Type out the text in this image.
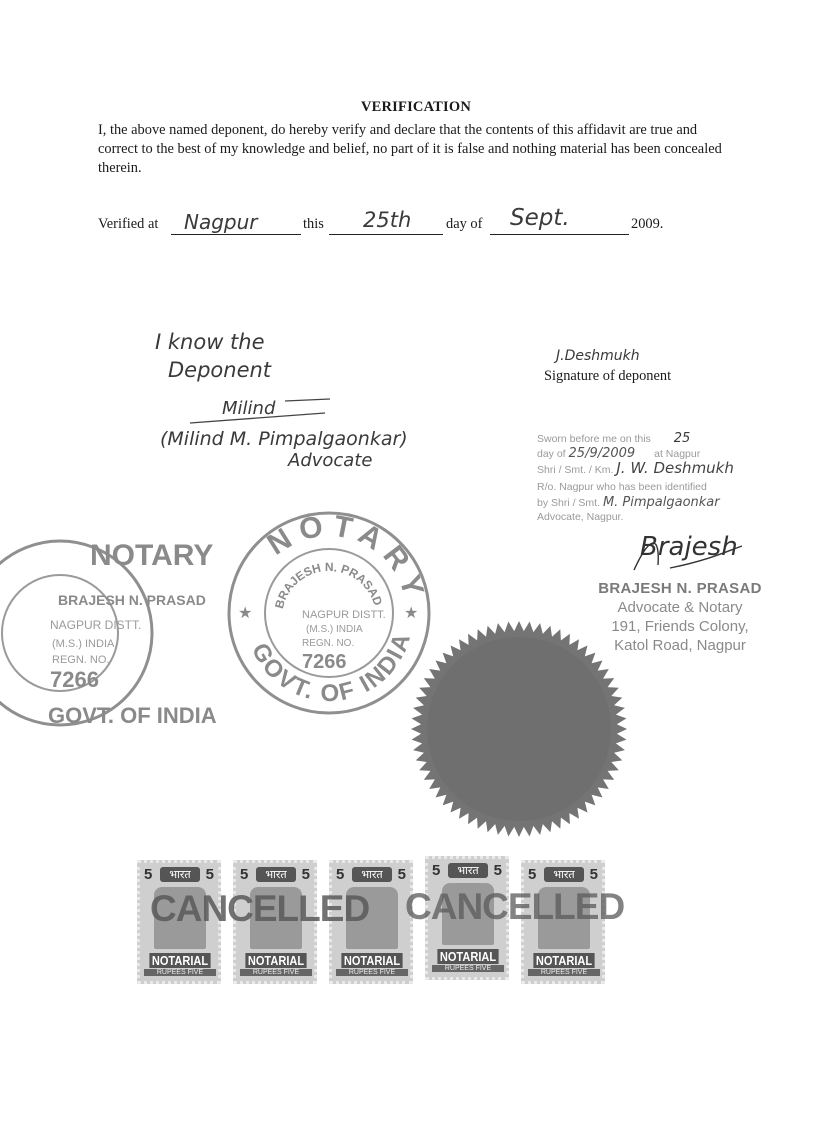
VERIFICATION
I, the above named deponent, do hereby verify and declare that the contents of this affidavit are true and correct to the best of my knowledge and belief, no part of it is false and nothing material has been concealed therein.
Verified at Nagpur	this 25th day of Sept.	2009.
I know the
Deponent
Milind
(Milind M. Pimpalgaonkar)
Advocate
J.Deshmukh
Signature of deponent
Sworn before me on this 25
day of 25/9/2009 at Nagpur
Shri / Smt. / Km. J. W. Deshmukh
R/o. Nagpur who has been identified
by Shri / Smt. M. Pimpalgaonkar
Advocate, Nagpur.
Brajesh
BRAJESH N. PRASAD
Advocate & Notary
191, Friends Colony,
Katol Road, Nagpur
NOTARY
BRAJESH N. PRASAD
NAGPUR DISTT.
(M.S.) INDIA
REGN. NO.
7266
GOVT. OF INDIA
NOTARY
GOVT. OF INDIA
BRAJESH N. PRASAD
NAGPUR DISTT.
(M.S.) INDIA
REGN. NO.
7266
★	★
5	5
भारत
NOTARIAL
RUPEES FIVE
5	5
भारत
NOTARIAL
RUPEES FIVE
5	5
भारत
NOTARIAL
RUPEES FIVE
5	5
भारत
NOTARIAL
RUPEES FIVE
5	5
भारत
NOTARIAL
RUPEES FIVE
CANCELLED CANCELLED
